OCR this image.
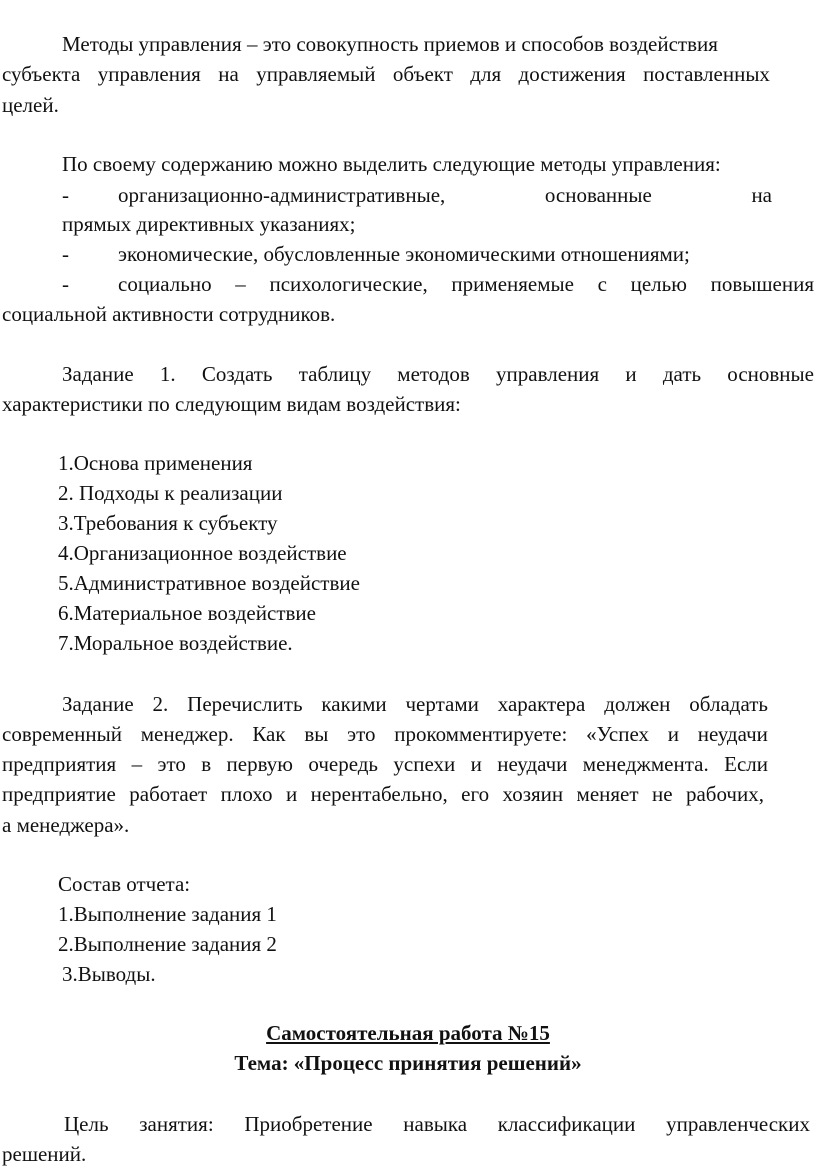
Методы управления – это совокупность приемов и способов воздействия
субъекта управления на управляемый объект для достижения поставленных
целей.
По своему содержанию можно выделить следующие методы управления:
- организационно-административные,	основанные	на
прямых директивных указаниях;
- экономические, обусловленные экономическими отношениями;
- социально – психологические, применяемые с целью повышения
социальной активности сотрудников.
Задание 1. Создать таблицу методов управления и дать основные
характеристики по следующим видам воздействия:
1.Основа применения
2. Подходы к реализации
3.Требования к субъекту
4.Организационное воздействие
5.Административное воздействие
6.Материальное воздействие
7.Моральное воздействие.
Задание 2. Перечислить какими чертами характера должен обладать
современный менеджер. Как вы это прокомментируете: «Успех и неудачи
предприятия – это в первую очередь успехи и неудачи менеджмента. Если
предприятие работает плохо и нерентабельно, его хозяин меняет не рабочих,
а менеджера».
Состав отчета:
1.Выполнение задания 1
2.Выполнение задания 2
3.Выводы.
Самостоятельная работа №15
Тема: «Процесс принятия решений»
Цель занятия: Приобретение навыка классификации управленческих
решений.
